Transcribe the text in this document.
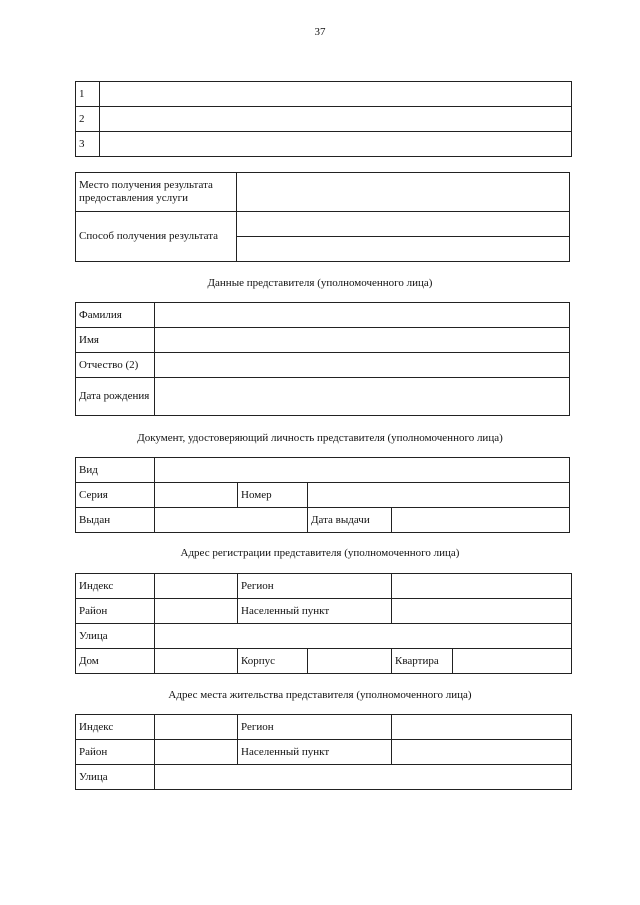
37
1	
2	
3	
Место получения результата предоставления услуги	
Способ получения результата	

Данные представителя (уполномоченного лица)
Фамилия	
Имя	
Отчество (2)	
Дата рождения	
Документ, удостоверяющий личность представителя (уполномоченного лица)
Вид				
Серия		Номер		
Выдан			Дата выдачи	
Адрес регистрации представителя (уполномоченного лица)
Индекс		Регион			
Район		Населенный пункт			
Улица					
Дом		Корпус		Квартира	
Адрес места жительства представителя (уполномоченного лица)
Индекс		Регион	
Район		Населенный пункт	
Улица			
